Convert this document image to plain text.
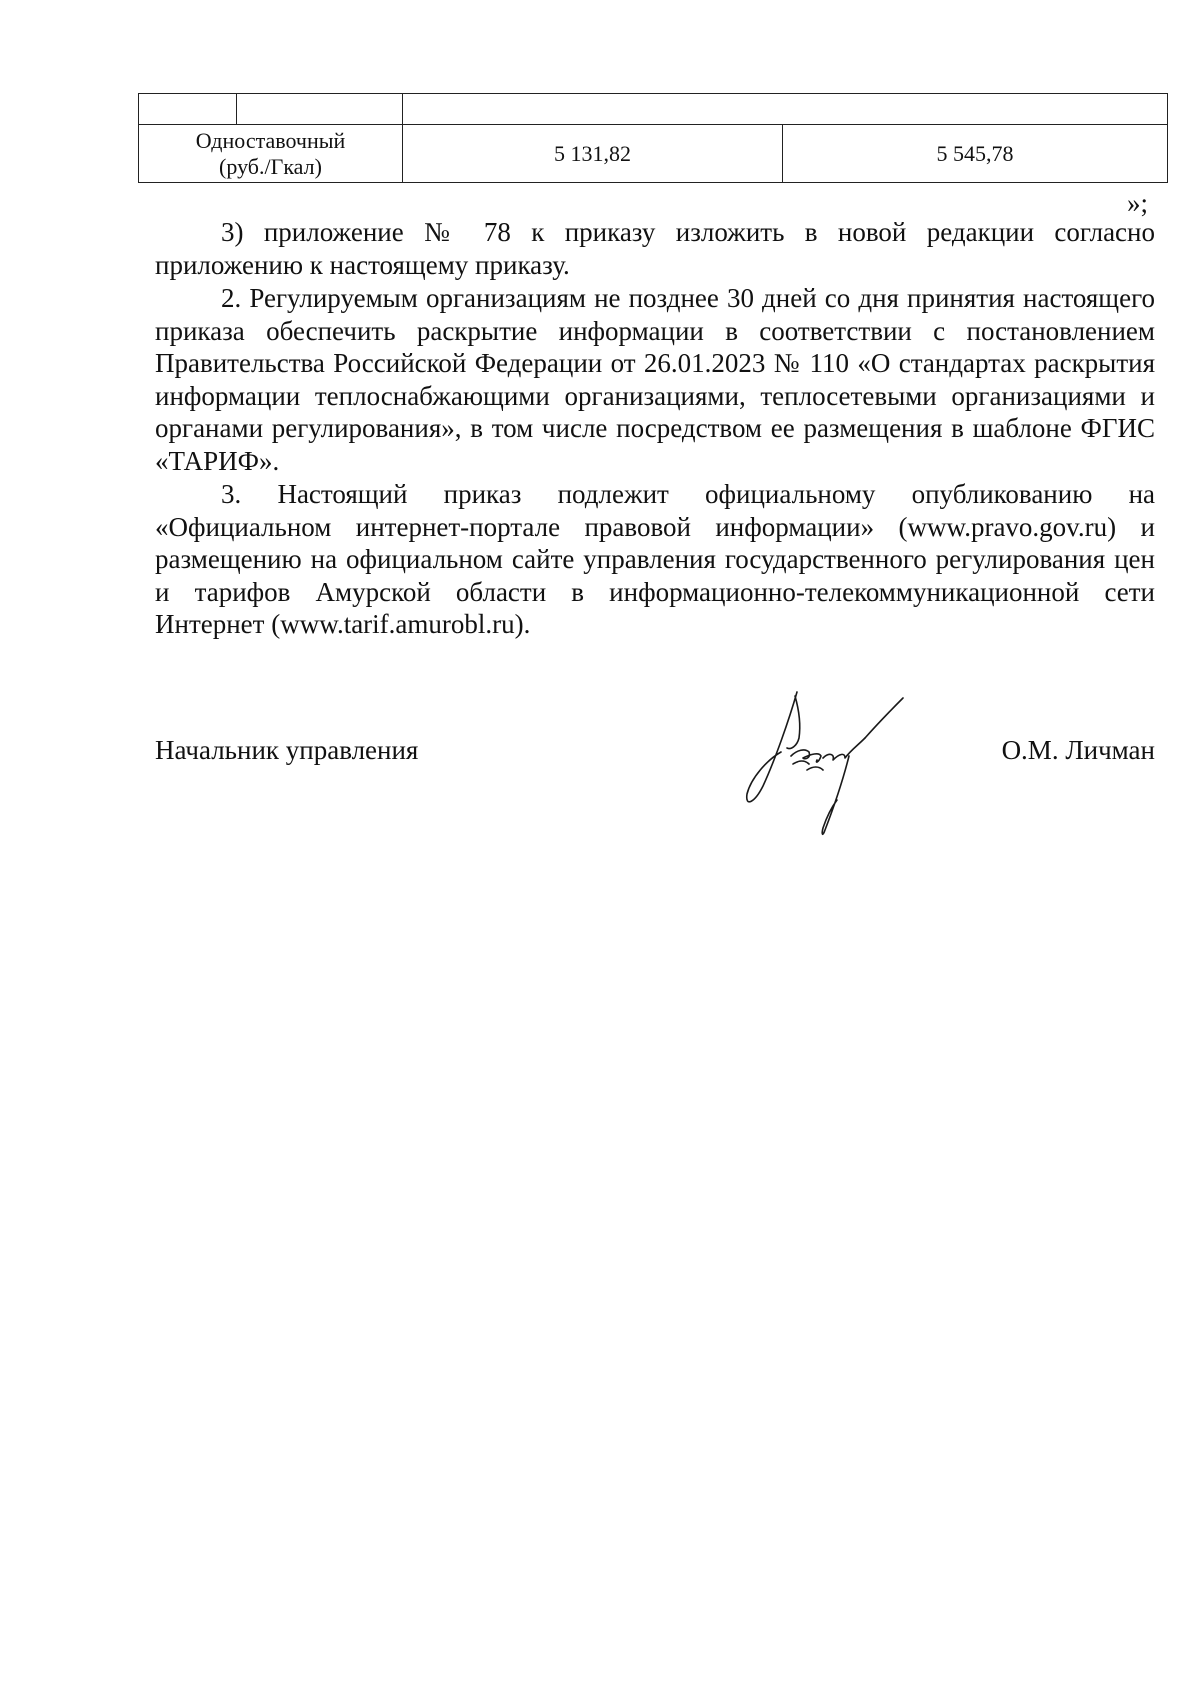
Одноставочный
(руб./Гкал)	5 131,82	5 545,78
»;

3) приложение № 78 к приказу изложить в новой редакции согласно приложению к настоящему приказу.

2. Регулируемым организациям не позднее 30 дней со дня принятия настоящего приказа обеспечить раскрытие информации в соответствии с постановлением Правительства Российской Федерации от 26.01.2023 № 110 «О стандартах раскрытия информации теплоснабжающими организациями, теплосетевыми организациями и органами регулирования», в том числе посредством ее размещения в шаблоне ФГИС «ТАРИФ».

3. Настоящий приказ подлежит официальному опубликованию на «Официальном интернет-портале правовой информации» (www.pravo.gov.ru) и размещению на официальном сайте управления государственного регулирования цен и тарифов Амурской области в информационно-телекоммуникационной сети Интернет (www.tarif.amurobl.ru).

Начальник управления	О.М. Личман
